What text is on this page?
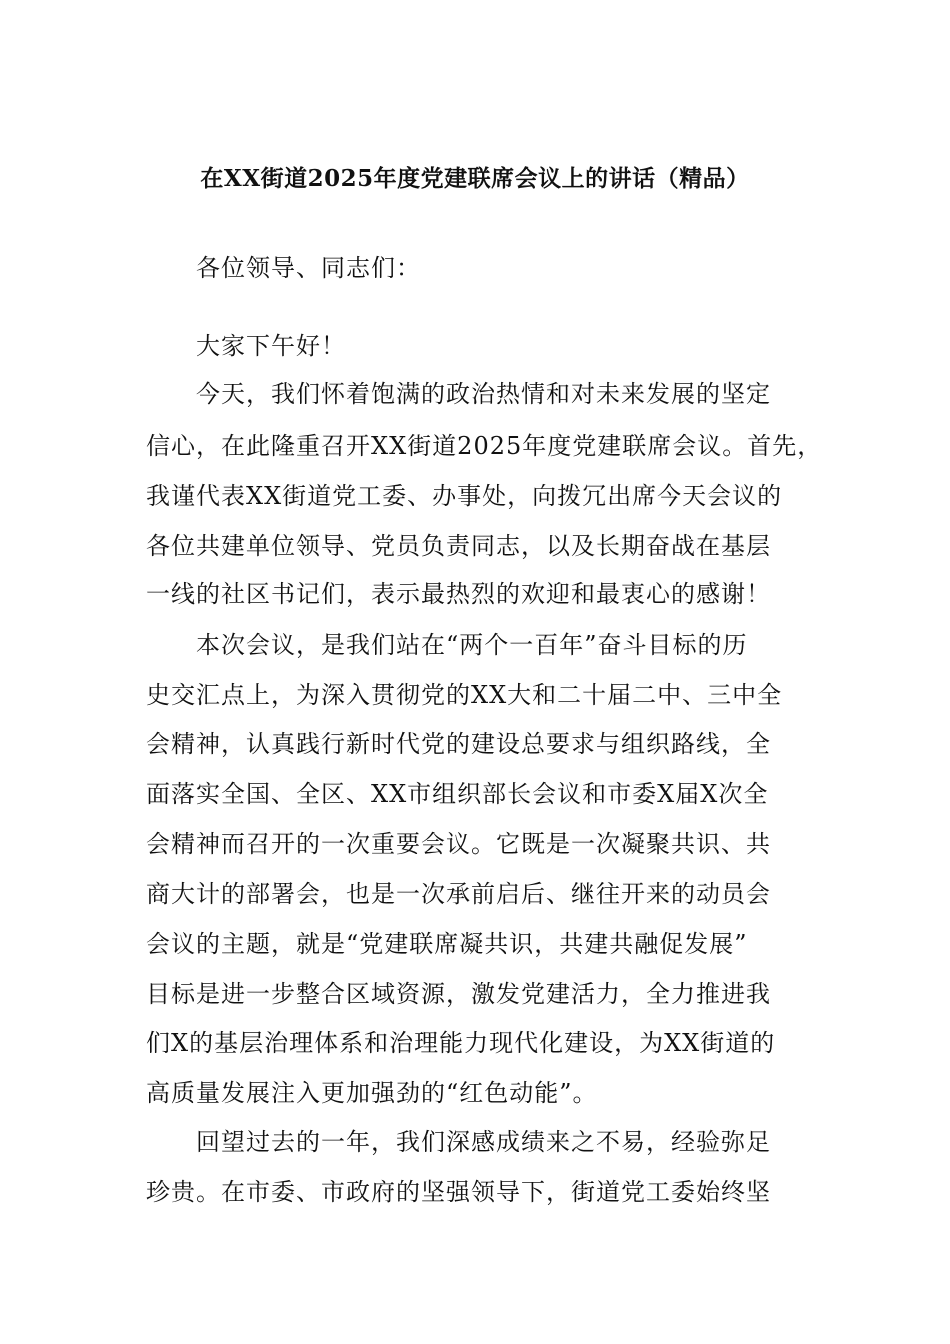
在XX街道2025年度党建联席会议上的讲话（精品）
各位领导、同志们：
大家下午好！
今天，我们怀着饱满的政治热情和对未来发展的坚定
信心，在此隆重召开XX街道2025年度党建联席会议。首先，
我谨代表XX街道党工委、办事处，向拨冗出席今天会议的
各位共建单位领导、党员负责同志，以及长期奋战在基层
一线的社区书记们，表示最热烈的欢迎和最衷心的感谢！
本次会议，是我们站在“两个一百年”奋斗目标的历
史交汇点上，为深入贯彻党的XX大和二十届二中、三中全
会精神，认真践行新时代党的建设总要求与组织路线，全
面落实全国、全区、XX市组织部长会议和市委X届X次全
会精神而召开的一次重要会议。它既是一次凝聚共识、共
商大计的部署会，也是一次承前启后、继往开来的动员会
会议的主题，就是“党建联席凝共识，共建共融促发展”
目标是进一步整合区域资源，激发党建活力，全力推进我
们X的基层治理体系和治理能力现代化建设，为XX街道的
高质量发展注入更加强劲的“红色动能”。
回望过去的一年，我们深感成绩来之不易，经验弥足
珍贵。在市委、市政府的坚强领导下，街道党工委始终坚
